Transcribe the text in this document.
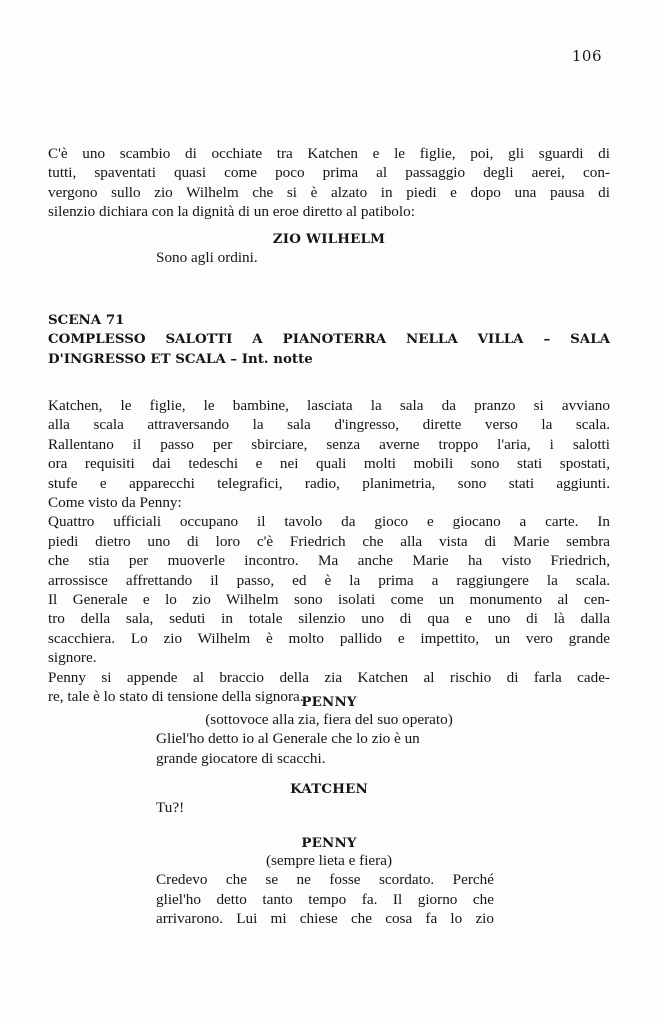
106
C'è uno scambio di occhiate tra Katchen e le figlie, poi, gli sguardi di
tutti, spaventati quasi come poco prima al passaggio degli aerei, con-
vergono sullo zio Wilhelm che si è alzato in piedi e dopo una pausa di
silenzio dichiara con la dignità di un eroe diretto al patibolo:
ZIO WILHELM
Sono agli ordini.
SCENA 71
COMPLESSO SALOTTI A PIANOTERRA NELLA VILLA – SALA
D'INGRESSO ET SCALA – Int. notte
Katchen, le figlie, le bambine, lasciata la sala da pranzo si avviano
alla scala attraversando la sala d'ingresso, dirette verso la scala.
Rallentano il passo per sbirciare, senza averne troppo l'aria, i salotti
ora requisiti dai tedeschi e nei quali molti mobili sono stati spostati,
stufe e apparecchi telegrafici, radio, planimetria, sono stati aggiunti.
Come visto da Penny:
Quattro ufficiali occupano il tavolo da gioco e giocano a carte. In
piedi dietro uno di loro c'è Friedrich che alla vista di Marie sembra
che stia per muoverle incontro. Ma anche Marie ha visto Friedrich,
arrossisce affrettando il passo, ed è la prima a raggiungere la scala.
Il Generale e lo zio Wilhelm sono isolati come un monumento al cen-
tro della sala, seduti in totale silenzio uno di qua e uno di là dalla
scacchiera. Lo zio Wilhelm è molto pallido e impettito, un vero grande
signore.
Penny si appende al braccio della zia Katchen al rischio di farla cade-
re, tale è lo stato di tensione della signora.
PENNY
(sottovoce alla zia, fiera del suo operato)
Gliel'ho detto io al Generale che lo zio è un
grande giocatore di scacchi.
KATCHEN
Tu?!
PENNY
(sempre lieta e fiera)
Credevo che se ne fosse scordato. Perché
gliel'ho detto tanto tempo fa. Il giorno che
arrivarono. Lui mi chiese che cosa fa lo zio
